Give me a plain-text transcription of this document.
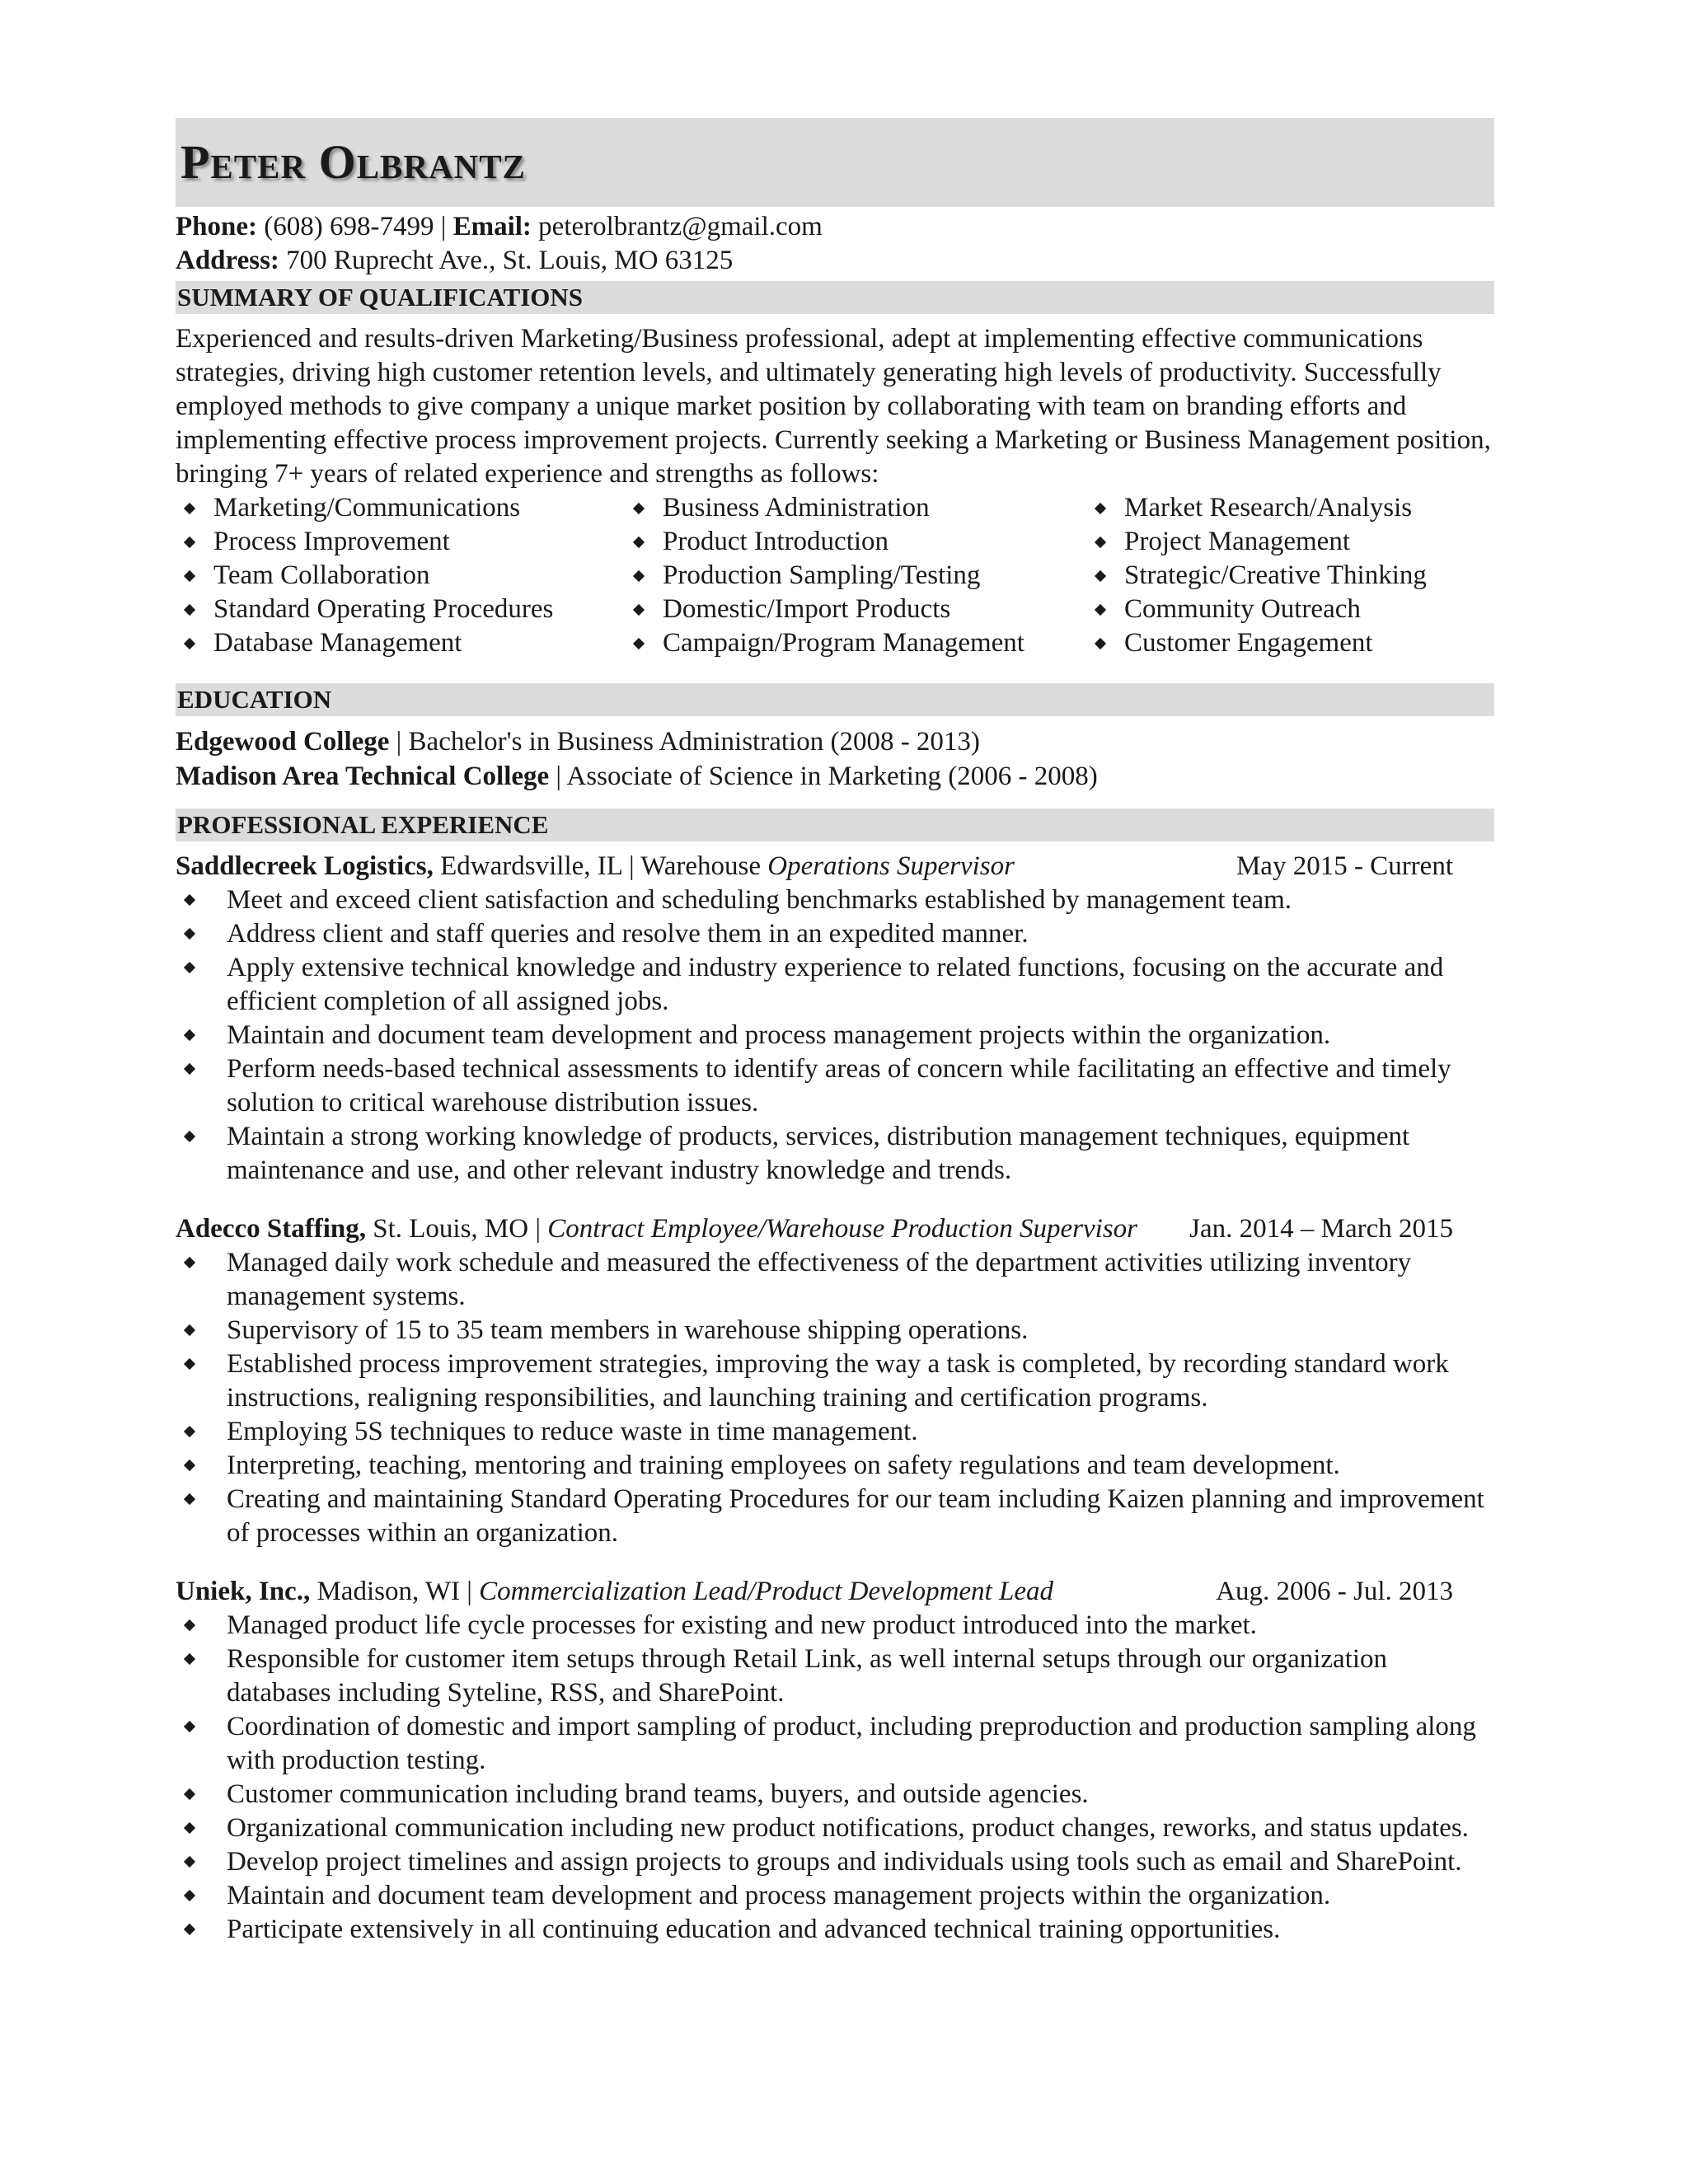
Peter Olbrantz
Phone: (608) 698-7499 | Email: peterolbrantz@gmail.com
Address: 700 Ruprecht Ave., St. Louis, MO 63125
SUMMARY OF QUALIFICATIONS
Experienced and results-driven Marketing/Business professional, adept at implementing effective communications strategies, driving high customer retention levels, and ultimately generating high levels of productivity. Successfully employed methods to give company a unique market position by collaborating with team on branding efforts and implementing effective process improvement projects. Currently seeking a Marketing or Business Management position, bringing 7+ years of related experience and strengths as follows:
Marketing/Communications	Business Administration	Market Research/Analysis
Process Improvement	Product Introduction	Project Management
Team Collaboration	Production Sampling/Testing	Strategic/Creative Thinking
Standard Operating Procedures	Domestic/Import Products	Community Outreach
Database Management	Campaign/Program Management	Customer Engagement
EDUCATION
Edgewood College | Bachelor's in Business Administration (2008 - 2013)
Madison Area Technical College | Associate of Science in Marketing (2006 - 2008)
PROFESSIONAL EXPERIENCE
Saddlecreek Logistics, Edwardsville, IL | Warehouse Operations Supervisor	May 2015 - Current
Meet and exceed client satisfaction and scheduling benchmarks established by management team.
Address client and staff queries and resolve them in an expedited manner.
Apply extensive technical knowledge and industry experience to related functions, focusing on the accurate and efficient completion of all assigned jobs.
Maintain and document team development and process management projects within the organization.
Perform needs-based technical assessments to identify areas of concern while facilitating an effective and timely solution to critical warehouse distribution issues.
Maintain a strong working knowledge of products, services, distribution management techniques, equipment maintenance and use, and other relevant industry knowledge and trends.
Adecco Staffing, St. Louis, MO | Contract Employee/Warehouse Production Supervisor Jan. 2014 – March 2015
Managed daily work schedule and measured the effectiveness of the department activities utilizing inventory management systems.
Supervisory of 15 to 35 team members in warehouse shipping operations.
Established process improvement strategies, improving the way a task is completed, by recording standard work instructions, realigning responsibilities, and launching training and certification programs.
Employing 5S techniques to reduce waste in time management.
Interpreting, teaching, mentoring and training employees on safety regulations and team development.
Creating and maintaining Standard Operating Procedures for our team including Kaizen planning and improvement of processes within an organization.
Uniek, Inc., Madison, WI | Commercialization Lead/Product Development Lead	Aug. 2006 - Jul. 2013
Managed product life cycle processes for existing and new product introduced into the market.
Responsible for customer item setups through Retail Link, as well internal setups through our organization databases including Syteline, RSS, and SharePoint.
Coordination of domestic and import sampling of product, including preproduction and production sampling along with production testing.
Customer communication including brand teams, buyers, and outside agencies.
Organizational communication including new product notifications, product changes, reworks, and status updates.
Develop project timelines and assign projects to groups and individuals using tools such as email and SharePoint.
Maintain and document team development and process management projects within the organization.
Participate extensively in all continuing education and advanced technical training opportunities.
